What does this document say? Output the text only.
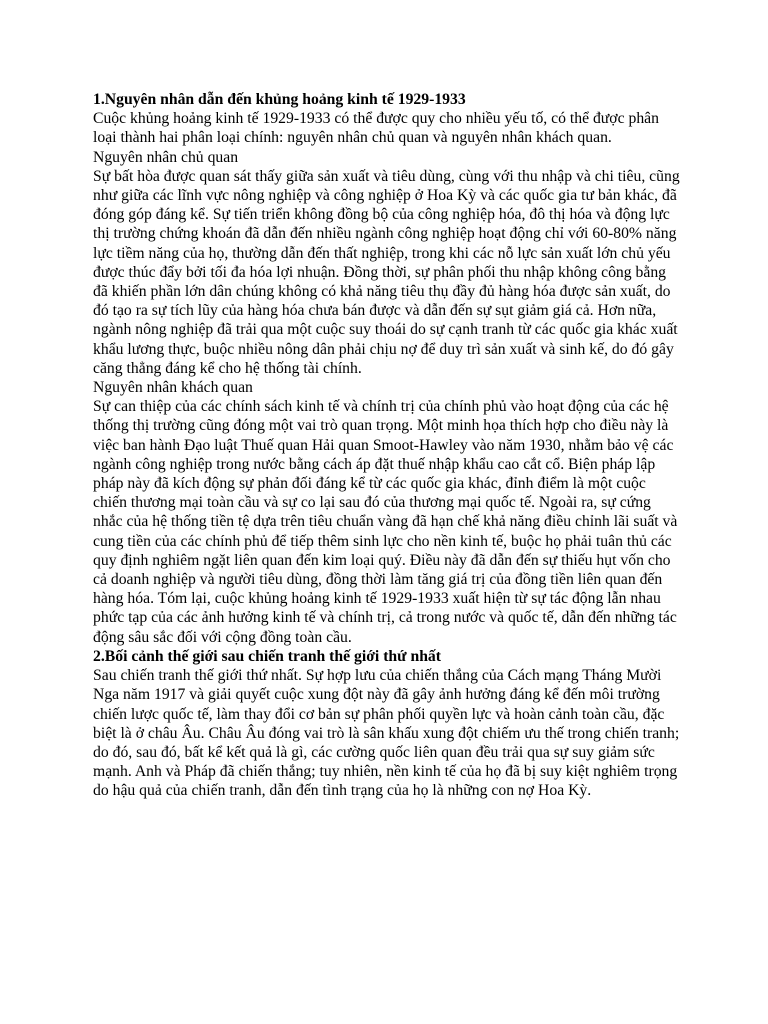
1.Nguyên nhân dẫn đến khủng hoảng kinh tế 1929-1933

Cuộc khủng hoảng kinh tế 1929-1933 có thể được quy cho nhiều yếu tố, có thể được phân loại thành hai phân loại chính: nguyên nhân chủ quan và nguyên nhân khách quan.

Nguyên nhân chủ quan

Sự bất hòa được quan sát thấy giữa sản xuất và tiêu dùng, cùng với thu nhập và chi tiêu, cũng như giữa các lĩnh vực nông nghiệp và công nghiệp ở Hoa Kỳ và các quốc gia tư bản khác, đã đóng góp đáng kể. Sự tiến triển không đồng bộ của công nghiệp hóa, đô thị hóa và động lực thị trường chứng khoán đã dẫn đến nhiều ngành công nghiệp hoạt động chỉ với 60-80% năng lực tiềm năng của họ, thường dẫn đến thất nghiệp, trong khi các nỗ lực sản xuất lớn chủ yếu được thúc đẩy bởi tối đa hóa lợi nhuận. Đồng thời, sự phân phối thu nhập không công bằng đã khiến phần lớn dân chúng không có khả năng tiêu thụ đầy đủ hàng hóa được sản xuất, do đó tạo ra sự tích lũy của hàng hóa chưa bán được và dẫn đến sự sụt giảm giá cả. Hơn nữa, ngành nông nghiệp đã trải qua một cuộc suy thoái do sự cạnh tranh từ các quốc gia khác xuất khẩu lương thực, buộc nhiều nông dân phải chịu nợ để duy trì sản xuất và sinh kế, do đó gây căng thẳng đáng kể cho hệ thống tài chính.

Nguyên nhân khách quan

Sự can thiệp của các chính sách kinh tế và chính trị của chính phủ vào hoạt động của các hệ thống thị trường cũng đóng một vai trò quan trọng. Một minh họa thích hợp cho điều này là việc ban hành Đạo luật Thuế quan Hải quan Smoot-Hawley vào năm 1930, nhằm bảo vệ các ngành công nghiệp trong nước bằng cách áp đặt thuế nhập khẩu cao cắt cổ. Biện pháp lập pháp này đã kích động sự phản đối đáng kể từ các quốc gia khác, đỉnh điểm là một cuộc chiến thương mại toàn cầu và sự co lại sau đó của thương mại quốc tế. Ngoài ra, sự cứng nhắc của hệ thống tiền tệ dựa trên tiêu chuẩn vàng đã hạn chế khả năng điều chỉnh lãi suất và cung tiền của các chính phủ để tiếp thêm sinh lực cho nền kinh tế, buộc họ phải tuân thủ các quy định nghiêm ngặt liên quan đến kim loại quý. Điều này đã dẫn đến sự thiếu hụt vốn cho cả doanh nghiệp và người tiêu dùng, đồng thời làm tăng giá trị của đồng tiền liên quan đến hàng hóa. Tóm lại, cuộc khủng hoảng kinh tế 1929-1933 xuất hiện từ sự tác động lẫn nhau phức tạp của các ảnh hưởng kinh tế và chính trị, cả trong nước và quốc tế, dẫn đến những tác động sâu sắc đối với cộng đồng toàn cầu.

2.Bối cảnh thế giới sau chiến tranh thế giới thứ nhất

Sau chiến tranh thế giới thứ nhất. Sự hợp lưu của chiến thắng của Cách mạng Tháng Mười Nga năm 1917 và giải quyết cuộc xung đột này đã gây ảnh hưởng đáng kể đến môi trường chiến lược quốc tế, làm thay đổi cơ bản sự phân phối quyền lực và hoàn cảnh toàn cầu, đặc biệt là ở châu Âu. Châu Âu đóng vai trò là sân khấu xung đột chiếm ưu thế trong chiến tranh; do đó, sau đó, bất kể kết quả là gì, các cường quốc liên quan đều trải qua sự suy giảm sức mạnh. Anh và Pháp đã chiến thắng; tuy nhiên, nền kinh tế của họ đã bị suy kiệt nghiêm trọng do hậu quả của chiến tranh, dẫn đến tình trạng của họ là những con nợ Hoa Kỳ.
